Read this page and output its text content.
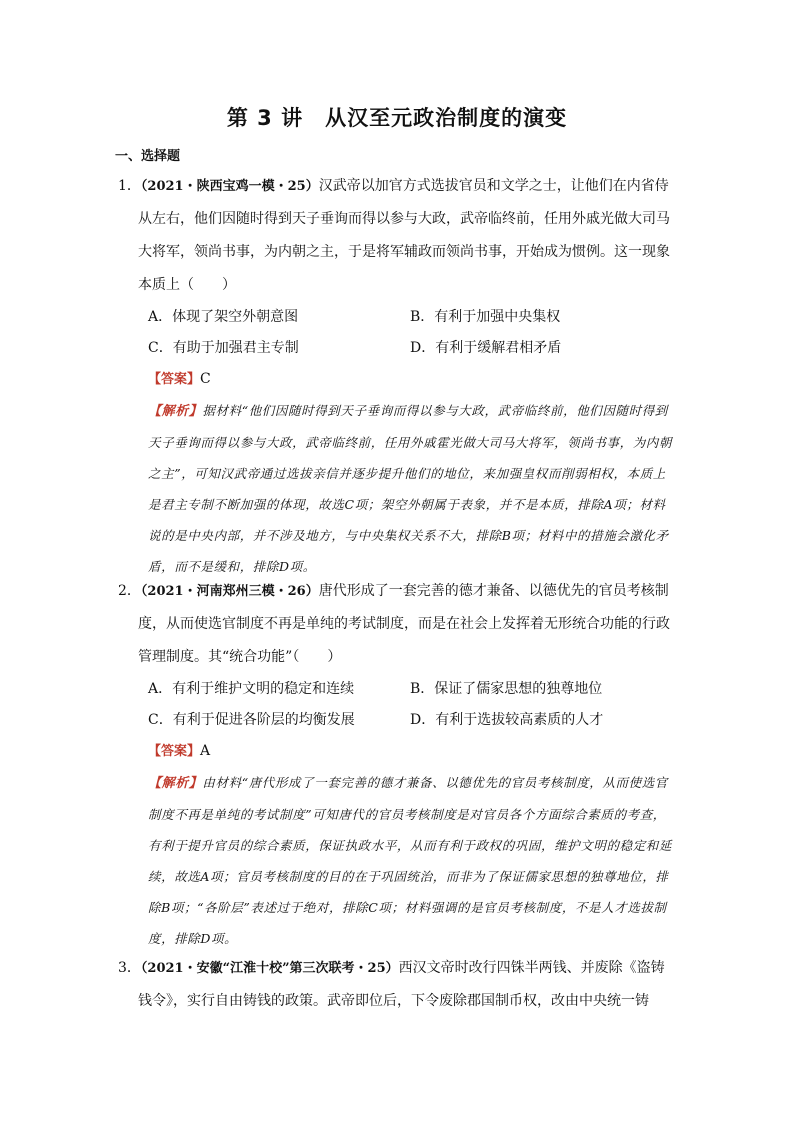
第 3 讲　从汉至元政治制度的演变
一、选择题

1．（2021・陕西宝鸡一模・25）汉武帝以加官方式选拔官员和文学之士，让他们在内省侍从左右，他们因随时得到天子垂询而得以参与大政，武帝临终前，任用外戚光做大司马大将军，领尚书事，为内朝之主，于是将军辅政而领尚书事，开始成为惯例。这一现象本质上（　　）

A．体现了架空外朝意图	B．有利于加强中央集权
C．有助于加强君主专制	D．有利于缓解君相矛盾
【答案】C

【解析】据材料“他们因随时得到天子垂询而得以参与大政，武帝临终前，他们因随时得到天子垂询而得以参与大政，武帝临终前，任用外戚霍光做大司马大将军，领尚书事，为内朝之主”，可知汉武帝通过选拔亲信并逐步提升他们的地位，来加强皇权而削弱相权，本质上是君主专制不断加强的体现，故选C项；架空外朝属于表象，并不是本质，排除A项；材料说的是中央内部，并不涉及地方，与中央集权关系不大，排除B项；材料中的措施会激化矛盾，而不是缓和，排除D项。

2．（2021・河南郑州三模・26）唐代形成了一套完善的德才兼备、以德优先的官员考核制度，从而使选官制度不再是单纯的考试制度，而是在社会上发挥着无形统合功能的行政管理制度。其“统合功能”（　　）

A．有利于维护文明的稳定和连续	B．保证了儒家思想的独尊地位
C．有利于促进各阶层的均衡发展	D．有利于选拔较高素质的人才
【答案】A

【解析】由材料“唐代形成了一套完善的德才兼备、以德优先的官员考核制度，从而使选官制度不再是单纯的考试制度”可知唐代的官员考核制度是对官员各个方面综合素质的考查，有利于提升官员的综合素质，保证执政水平，从而有利于政权的巩固，维护文明的稳定和延续，故选A项；官员考核制度的目的在于巩固统治，而非为了保证儒家思想的独尊地位，排除B项；“各阶层”表述过于绝对，排除C项；材料强调的是官员考核制度，不是人才选拔制度，排除D项。

3．（2021・安徽“江淮十校”第三次联考・25）西汉文帝时改行四铢半两钱、并废除《盗铸钱令》，实行自由铸钱的政策。武帝即位后，下令废除郡国制币权，改由中央统一铸
